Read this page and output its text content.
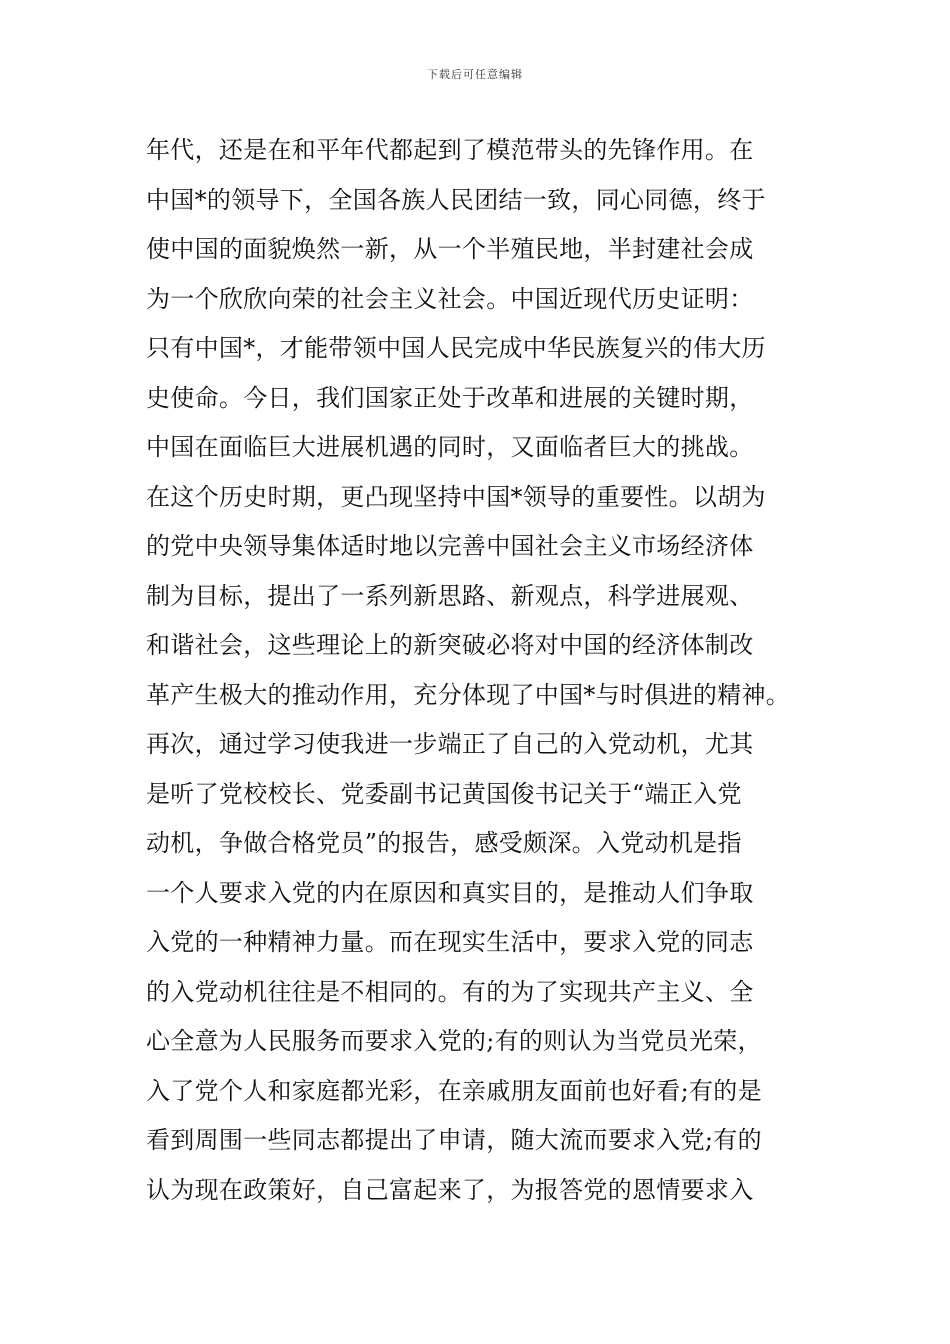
下载后可任意编辑
年代，还是在和平年代都起到了模范带头的先锋作用。在
中国*的领导下，全国各族人民团结一致，同心同德，终于
使中国的面貌焕然一新，从一个半殖民地，半封建社会成
为一个欣欣向荣的社会主义社会。中国近现代历史证明：
只有中国*，才能带领中国人民完成中华民族复兴的伟大历
史使命。今日，我们国家正处于改革和进展的关键时期，
中国在面临巨大进展机遇的同时，又面临者巨大的挑战。
在这个历史时期，更凸现坚持中国*领导的重要性。以胡为
的党中央领导集体适时地以完善中国社会主义市场经济体
制为目标，提出了一系列新思路、新观点，科学进展观、
和谐社会，这些理论上的新突破必将对中国的经济体制改
革产生极大的推动作用，充分体现了中国*与时俱进的精神。
再次，通过学习使我进一步端正了自己的入党动机，尤其
是听了党校校长、党委副书记黄国俊书记关于“端正入党
动机，争做合格党员”的报告，感受颇深。入党动机是指
一个人要求入党的内在原因和真实目的，是推动人们争取
入党的一种精神力量。而在现实生活中，要求入党的同志
的入党动机往往是不相同的。有的为了实现共产主义、全
心全意为人民服务而要求入党的;有的则认为当党员光荣，
入了党个人和家庭都光彩，在亲戚朋友面前也好看;有的是
看到周围一些同志都提出了申请，随大流而要求入党;有的
认为现在政策好，自己富起来了，为报答党的恩情要求入
